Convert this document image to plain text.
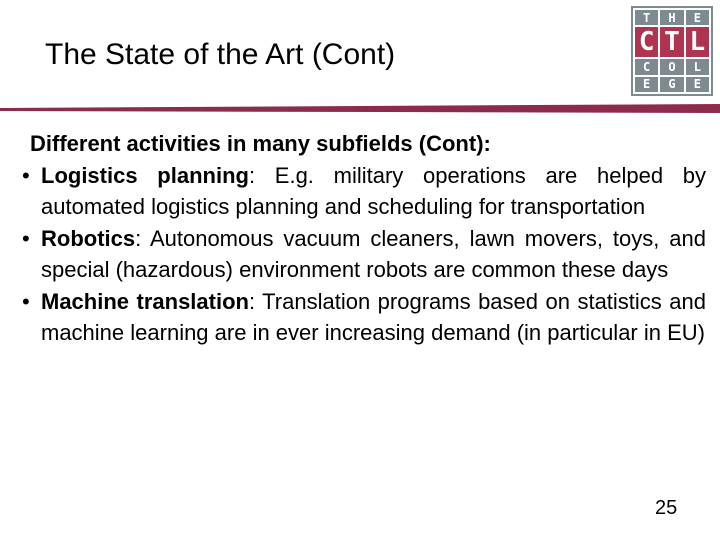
The State of the Art (Cont)
T	H	E
C T L
C	O	L
E	G	E
Different activities in many subfields (Cont):
• Logistics planning: E.g. military operations are helped by automated logistics planning and scheduling for transportation
• Robotics: Autonomous vacuum cleaners, lawn movers, toys, and special (hazardous) environment robots are common these days
• Machine translation: Translation programs based on statistics and machine learning are in ever increasing demand (in particular in EU)
25
